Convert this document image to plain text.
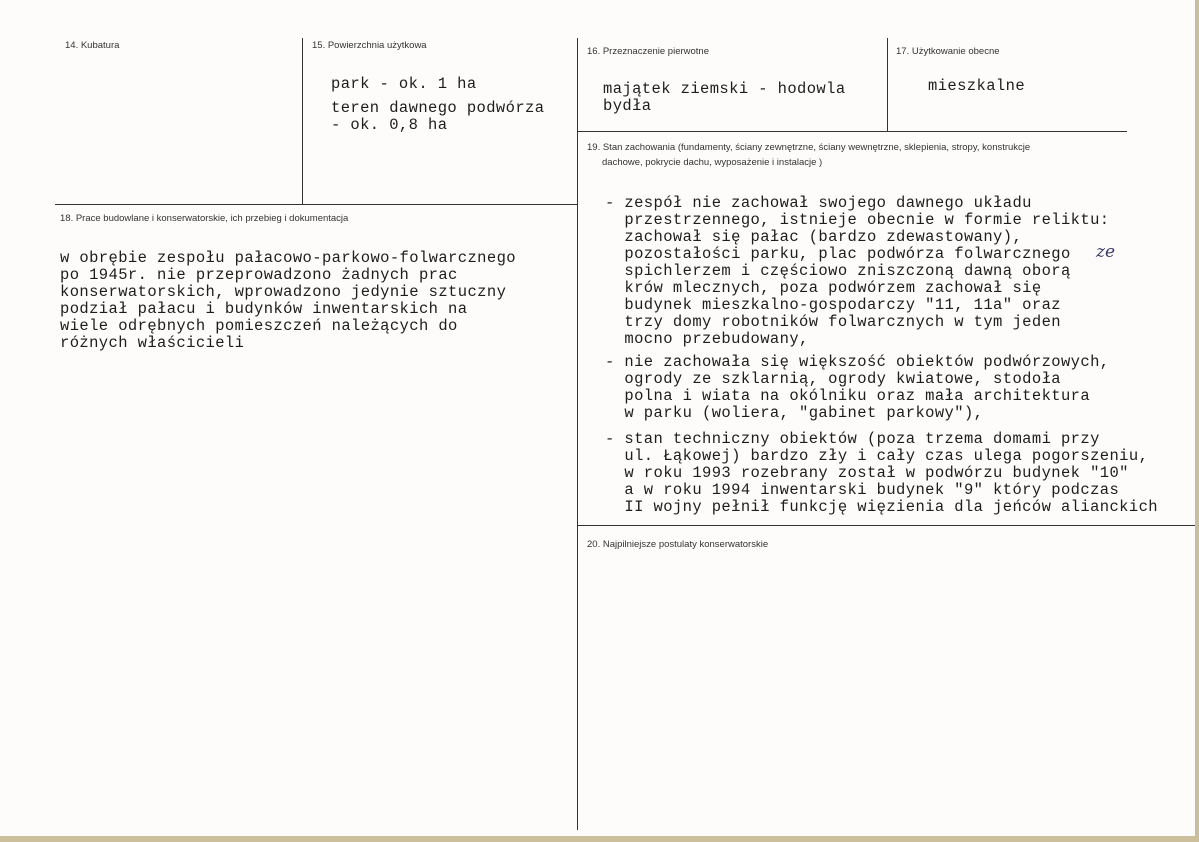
14. Kubatura	15. Powierzchnia użytkowa
park - ok. 1 ha
teren dawnego podwórza
- ok. 0,8 ha
16. Przeznaczenie pierwotne
majątek ziemski - hodowla
bydła
17. Użytkowanie obecne
mieszkalne
18. Prace budowlane i konserwatorskie, ich przebieg i dokumentacja
w obrębie zespołu pałacowo-parkowo-folwarcznego
po 1945r. nie przeprowadzono żadnych prac
konserwatorskich, wprowadzono jedynie sztuczny
podział pałacu i budynków inwentarskich na
wiele odrębnych pomieszczeń należących do
różnych właścicieli
19. Stan zachowania (fundamenty, ściany zewnętrzne, ściany wewnętrzne, sklepienia, stropy, konstrukcje
dachowe, pokrycie dachu, wyposażenie i instalacje )
- zespół nie zachował swojego dawnego układu
przestrzennego, istnieje obecnie w formie reliktu:
zachował się pałac (bardzo zdewastowany),
pozostałości parku, plac podwórza folwarcznego ze
spichlerzem i częściowo zniszczoną dawną oborą
krów mlecznych, poza podwórzem zachował się
budynek mieszkalno-gospodarczy "11, 11a" oraz
trzy domy robotników folwarcznych w tym jeden
mocno przebudowany,
- nie zachowała się większość obiektów podwórzowych,
ogrody ze szklarnią, ogrody kwiatowe, stodoła
polna i wiata na okólniku oraz mała architektura
w parku (woliera, "gabinet parkowy"),
- stan techniczny obiektów (poza trzema domami przy
ul. Łąkowej) bardzo zły i cały czas ulega pogorszeniu,
w roku 1993 rozebrany został w podwórzu budynek "10"
a w roku 1994 inwentarski budynek "9" który podczas
II wojny pełnił funkcję więzienia dla jeńców alianckich
20. Najpilniejsze postulaty konserwatorskie
